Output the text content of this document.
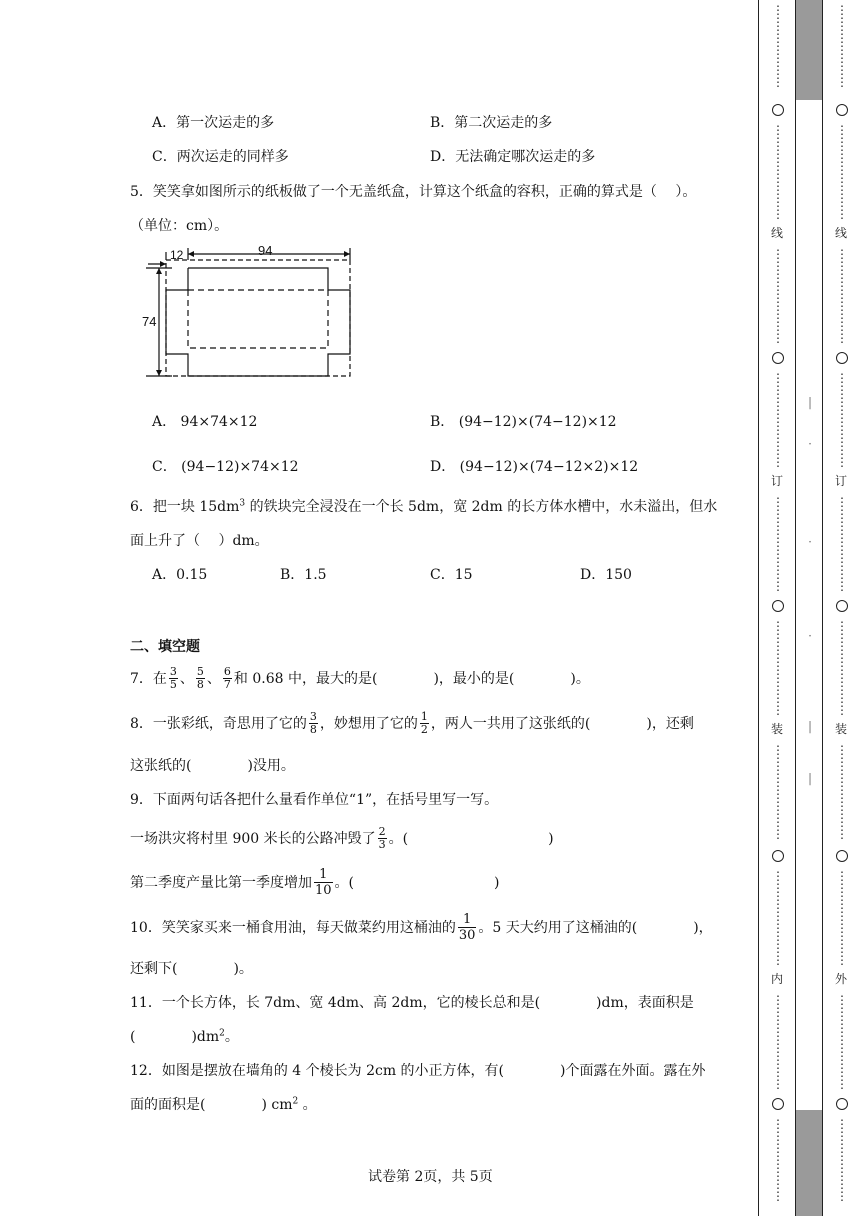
A．第一次运走的多	B．第二次运走的多
C．两次运走的同样多	D．无法确定哪次运走的多
5．笑笑拿如图所示的纸板做了一个无盖纸盒，计算这个纸盒的容积，正确的算式是（　 ）。
（单位：cm）。
12	94
74
A． 94×74×12	B． (94−12)×(74−12)×12
C． (94−12)×74×12	D． (94−12)×(74−12×2)×12
6．把一块 $15dm^3$ 的铁块完全浸没在一个长 5dm，宽 2dm 的长方体水槽中，水未溢出，但水
面上升了（　 ）dm。
A．0.15	B．1.5	C．15	D．150
二、填空题
7．在 $\frac{3}{5}$ 、 $\frac{5}{8}$ 、 $\frac{6}{7}$ 和 0.68 中，最大的是(　　　　)，最小的是(　　　　)。
8．一张彩纸，奇思用了它的 $\frac{3}{8}$ ，妙想用了它的 $\frac{1}{2}$ ，两人一共用了这张纸的(　　　　)，还剩
这张纸的(　　　　)没用。
9．下面两句话各把什么量看作单位“1”，在括号里写一写。
一场洪灾将村里 900 米长的公路冲毁了 $\frac{2}{3}$ 。(　　　　　　　　　　)
第二季度产量比第一季度增加 $\frac{1}{10}$ 。(　　　　　　　　　　)
10．笑笑家买来一桶食用油，每天做菜约用这桶油的 $\frac{1}{30}$ 。5 天大约用了这桶油的(　　　　)，
还剩下(　　　　)。
11．一个长方体，长 7dm、宽 4dm、高 2dm，它的棱长总和是(　　　　)dm，表面积是
(　　　　)$dm^2$。
12．如图是摆放在墙角的 4 个棱长为 2cm 的小正方体，有(　　　　)个面露在外面。露在外
面的面积是(　　　　) $cm^2$ 。
试卷第 2页，共 5页
⋮
⋮
⋮
⋮
⋮
⋮
⋮
⋮
⋮
⋮
⋮
⋮
⋮
⋮
⋮
线
⋮
⋮
⋮
⋮
⋮
⋮
⋮
⋮
⋮
⋮
⋮
⋮
⋮
⋮
⋮
⋮
订
⋮
⋮
⋮
⋮
⋮
⋮
⋮
⋮
⋮
⋮
⋮
⋮
⋮
⋮
⋮
⋮
装
⋮
⋮
⋮
⋮
⋮
⋮
⋮
⋮
⋮
⋮
⋮
⋮
⋮
⋮
⋮
⋮
内
⋮
⋮
⋮
⋮
⋮
⋮
⋮
⋮
⋮
⋮
⋮
⋮
⋮
⋮
⋮
|
·
·
·
|
|
⋮
⋮
⋮
⋮
⋮
⋮
⋮
⋮
⋮
⋮
⋮
⋮
⋮
⋮
⋮
线
⋮
⋮
⋮
⋮
⋮
⋮
⋮
⋮
⋮
⋮
⋮
⋮
⋮
⋮
⋮
⋮
订
⋮
⋮
⋮
⋮
⋮
⋮
⋮
⋮
⋮
⋮
⋮
⋮
⋮
⋮
⋮
⋮
装
⋮
⋮
⋮
⋮
⋮
⋮
⋮
⋮
⋮
⋮
⋮
⋮
⋮
⋮
⋮
⋮
外
⋮
⋮
⋮
⋮
⋮
⋮
⋮
⋮
⋮
⋮
⋮
⋮
⋮
⋮
⋮
